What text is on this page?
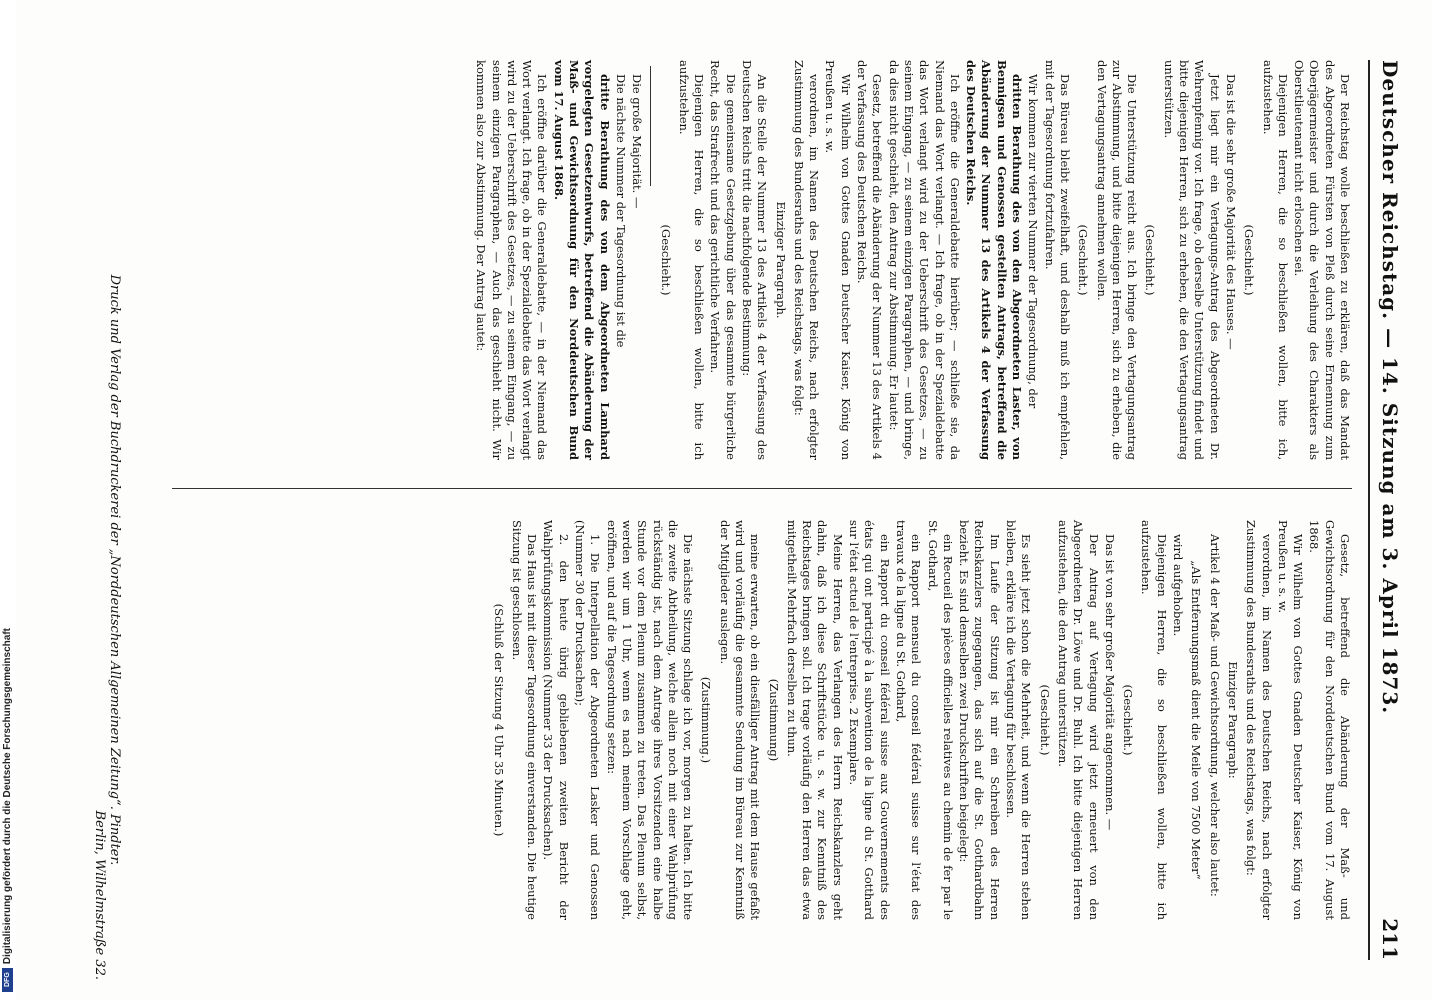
Deutscher Reichstag. — 14. Sitzung am 3. April 1873.
211

Der Reichstag wolle beschließen zu erklären, daß das Mandat des Abgeordneten Fürsten von Pleß durch seine Ernennung zum Oberjägermeister und durch die Verleihung des Charakters als Oberstlieutenant nicht erloschen sei.

Diejenigen Herren, die so beschließen wollen, bitte ich, aufzustehen.

(Geschieht.)

Das ist die sehr große Majorität des Hauses. —

Jetzt liegt mir ein Vertagungs-Antrag des Abgeordneten Dr. Wehrenpfennig vor. Ich frage, ob derselbe Unterstützung findet und bitte diejenigen Herren, sich zu erheben, die den Vertagungsantrag unterstützen.

(Geschieht.)

Die Unterstützung reicht aus. Ich bringe den Vertagungsantrag zur Abstimmung, und bitte diejenigen Herren, sich zu erheben, die den Vertagungsantrag annehmen wollen.

(Geschieht.)

Das Büreau bleibt zweifelhaft, und deshalb muß ich empfehlen, mit der Tagesordnung fortzufahren.

Wir kommen zur vierten Nummer der Tagesordnung, der

dritten Berathung des von den Abgeordneten Laster, von Bennigsen und Genossen gestellten Antrags, betreffend die Abänderung der Nummer 13 des Artikels 4 der Verfassung des Deutschen Reichs.

Ich eröffne die Generaldebatte hierüber; — schließe sie, da Niemand das Wort verlangt. — Ich frage, ob in der Spezialdebatte das Wort verlangt wird zu der Ueberschrift des Gesetzes, — zu seinem Eingang, — zu seinem einzigen Paragraphen, — und bringe, da dies nicht geschieht, den Antrag zur Abstimmung. Er lautet:

Gesetz, betreffend die Abänderung der Nummer 13 des Artikels 4 der Verfassung des Deutschen Reichs.

Wir Wilhelm von Gottes Gnaden Deutscher Kaiser, König von Preußen u. s. w.

verordnen, im Namen des Deutschen Reichs, nach erfolgter Zustimmung des Bundesraths und des Reichstags, was folgt:

Einziger Paragraph.

An die Stelle der Nummer 13 des Artikels 4 der Verfassung des Deutschen Reichs tritt die nachfolgende Bestimmung:

Die gemeinsame Gesetzgebung über das gesammte bürgerliche Recht, das Strafrecht und das gerichtliche Verfahren.

Diejenigen Herren, die so beschließen wollen, bitte ich aufzustehen.

(Geschieht.)

Die große Majorität. —

Die nächste Nummer der Tagesordnung ist die

dritte Berathung des von dem Abgeordneten Lamhard vorgelegten Gesetzentwurfs, betreffend die Abänderung der Maß- und Gewichtsordnung für den Norddeutschen Bund vom 17. August 1868.

Ich eröffne darüber die Generaldebatte, — in der Niemand das Wort verlangt. Ich frage, ob in der Spezialdebatte das Wort verlangt wird zu der Ueberschrift des Gesetzes, — zu seinem Eingang, — zu seinem einzigen Paragraphen, — Auch das geschieht nicht. Wir kommen also zur Abstimmung. Der Antrag lautet:

Gesetz, betreffend die Abänderung der Maß- und Gewichtsordnung für den Norddeutschen Bund vom 17. August 1868.

Wir Wilhelm von Gottes Gnaden Deutscher Kaiser, König von Preußen u. s. w.

verordnen, im Namen des Deutschen Reichs, nach erfolgter Zustimmung des Bundesraths und des Reichstags, was folgt:

Einziger Paragraph:

Artikel 4 der Maß- und Gewichtsordnung, welcher also lautet:

„Als Entfernungsmaß dient die Meile von 7500 Meter“

wird aufgehoben.

Diejenigen Herren, die so beschließen wollen, bitte ich aufzustehen.

(Geschieht.)

Das ist von sehr großer Majorität angenommen. —

Der Antrag auf Vertagung wird jetzt erneuert von den Abgeordneten Dr. Löwe und Dr. Buhl. Ich bitte diejenigen Herren aufzustehen, die den Antrag unterstützen.

(Geschieht.)

Es sieht jetzt schon die Mehrheit, und wenn die Herren stehen bleiben, erkläre ich die Vertagung für beschlossen.

Im Laufe der Sitzung ist mir ein Schreiben des Herren Reichskanzlers zugegangen, das sich auf die St. Gotthardbahn bezieht. Es sind demselben zwei Druckschriften beigelegt:

ein Recueil des pièces officielles relatives au chemin de fer par le St. Gothard,

ein Rapport mensuel du conseil fédéral suisse sur l'état des travaux de la ligne du St. Gothard,

ein Rapport du conseil fédéral suisse aux Gouvernements des états qui ont participé à la subvention de la ligne du St. Gotthard sur l'état actuel de l'entreprise. 2 Exemplare.

Meine Herren, das Verlangen des Herrn Reichskanzlers geht dahin, daß ich diese Schriftstücke u. s. w. zur Kenntniß des Reichstages bringen soll. Ich trage vorläufig den Herren das etwa mitgetheilt Mehrfach derselben zu thun.

(Zustimmung)

meine erwarten, ob ein diesfälliger Antrag mit dem Hause gefaßt wird und vorläufig die gesammte Sendung im Büreau zur Kenntniß der Mitglieder auslegen.

(Zustimmung.)

Die nächste Sitzung schlage ich vor, morgen zu halten. Ich bitte die zweite Abtheilung, welche allein noch mit einer Wahlprüfung rückständig ist, nach dem Antrage ihres Vorsitzenden eine halbe Stunde vor dem Plenum zusammen zu treten. Das Plenum selbst, werden wir um 1 Uhr, wenn es nach meinem Vorschlage geht, eröffnen, und auf die Tagesordnung setzen:

1. Die Interpellation der Abgeordneten Lasker und Genossen (Nummer 30 der Drucksachen);

2. den heute übrig gebliebenen zweiten Bericht der Wahlprüfungskommission (Nummer 33 der Drucksachen).

Das Haus ist mit dieser Tagesordnung einverstanden. Die heutige Sitzung ist geschlossen.

(Schluß der Sitzung 4 Uhr 35 Minuten.)

Druck und Verlag der Buchdruckerei der „Norddeutschen Allgemeinen Zeitung“. Pindter.
Berlin, Wilhelmstraße 32.
Digitalisierung gefördert durch die Deutsche Forschungsgemeinschaft
DFG
